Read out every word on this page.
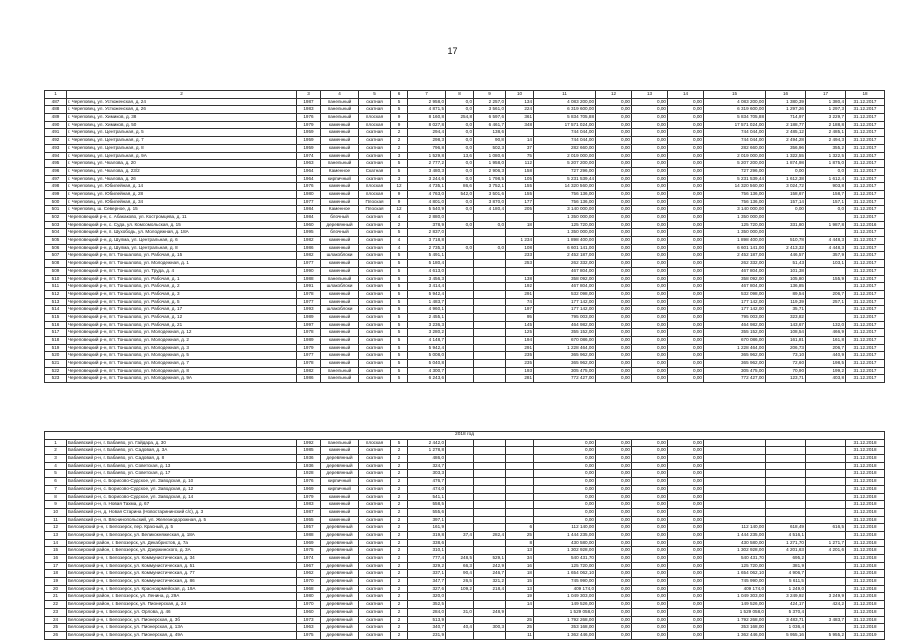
17
1	2	3	4	5	6	7	8	9	10	11	12	13	14	15	16	17	18
487	г. Череповец, ул. Устюженская, д. 24	1987	панельный	скатная	5	2 958,0	0,0	2 257,0	134	4 083 200,00	0,00	0,00	0,00	4 083 200,00	1 380,39	1 380,4	31.12.2017
488	г. Череповец, ул. Устюженская, д. 26	1983	панельный	скатная	5	4 871,5	0,0	3 561,0	224	6 319 600,00	0,00	0,00	0,00	6 319 600,00	1 297,26	1 297,3	31.12.2017
489	г. Череповец, ул. Химиков, д. 38	1976	панельный	плоская	9	8 160,8	254,8	6 597,6	361	5 834 705,88	0,00	0,00	0,00	5 834 705,88	714,97	3 229,7	31.12.2017
490	г. Череповец, ул. Химиков, д. 50	1979	каменный	плоская	9	8 027,8	0,0	6 461,7	348	17 571 024,00	0,00	0,00	0,00	17 571 024,00	2 188,77	2 188,8	31.12.2017
491	г. Череповец, ул. Центральная, д. 5	1959	каменный	скатная	2	294,4	0,0	138,6		744 044,00	0,00	0,00	0,00	744 044,00	2 485,12	2 485,1	31.12.2017
492	г. Череповец, ул. Центральная, д. 7	1959	каменный	скатная	2	298,3	0,0	90,8	14	744 044,00	0,00	0,00	0,00	744 044,00	2 494,28	2 494,3	31.12.2017
493	г. Череповец, ул. Центральная, д. 8	1959	каменный	скатная	2	796,8	0,0	502,3	37	282 660,00	0,00	0,00	0,00	282 660,00	356,96	355,2	31.12.2017
494	г. Череповец, ул. Центральная, д. 9А	1974	каменный	скатная	3	1 529,8	13,6	1 080,6	75	2 019 000,00	0,00	0,00	0,00	2 019 000,00	1 322,55	1 322,5	31.12.2017
495	г. Череповец, ул. Чкалова, д. 20	1963	панельный	скатная	5	2 777,2	0,0	1 958,0	112	5 207 200,00	0,00	0,00	0,00	5 207 200,00	1 874,98	1 875,0	31.12.2017
496	г. Череповец, ул. Чкалова, д. 23/2	1964	Каменное	Скатная	5	3 480,3	0,0	2 906,3	158	727 296,00	0,00	0,00	0,00	727 296,00	0,00	0,0	31.12.2017
497	г. Череповец, ул. Чкалова, д. 26	1964	кирпичный	скатная	3	3 244,6	0,0	1 798,5	105	5 231 539,44	0,00	0,00	0,00	5 231 539,44	1 612,38	1 612,4	31.12.2017
498	г. Череповец, ул. Юбилейная, д. 14	1976	каменный	плоская	12	4 735,1	86,6	3 752,1	155	14 320 560,00	0,00	0,00	0,00	14 320 560,00	3 024,72	903,8	31.12.2017
499	г. Череповец, ул. Юбилейная, д. 28	1980	каменный	плоская	9	4 763,0	542,0	3 501,6	155	756 136,00	0,00	0,00	0,00	756 136,00	158,67	158,7	31.12.2017
500	г. Череповец, ул. Юбилейная, д. 34	1977	каменный	Плоская	9	4 801,0	0,0	3 870,0	177	756 136,00	0,00	0,00	0,00	756 136,00	157,14	157,1	31.12.2017
501	г. Череповец, ш. Северное, д. 15	1984	Каменное	Плоская	12	5 540,9	0,0	4 180,4	205	3 140 000,00	0,00	0,00	0,00	3 140 000,00	0,00	0,0	31.12.2017
502	Череповецкий р-н, с. Абакаково, ул. Костромцева, д. 11	1984	блочный	скатная	4	2 880,0				1 350 000,00	0,00	0,00	0,00	1 350 000,00			31.12.2017
503	Череповецкий р-н, с. Суда, ул. Комсомольская, д. 15	1960	деревянный	скатная	2	378,9	0,0	0,0	18	125 720,00	0,00	0,00	0,00	125 720,00	331,80	1 987,8	31.12.2016
504	Череповецкий р-н, п. Шухободь, ул. Молодежная, д. 18А	1995	блочный	скатная	5	2 837,0				1 350 000,00	0,00	0,00	0,00	1 350 000,00			31.12.2017
505	Череповецкий р-н, д. Шулма, ул. Центральная, д. 6	1982	каменный	скатная	4	3 718,8			1 234	1 898 400,00	0,00	0,00	0,00	1 898 400,00	510,78	4 448,3	31.12.2017
506	Череповецкий р-н, д. Шулма, ул. Центральная, д. 8	1986	каменный	скатная	4	2 735,3	0,0	0,0	108	6 601 141,00	0,00	0,00	0,00	6 601 141,00	2 413,32	4 448,3	31.12.2017
507	Череповецкий р-н, пгт. Тоншалово, ул. Рабочая, д. 15	1982	шлакоблоки	скатная	5	5 491,1			233	2 452 187,00	0,00	0,00	0,00	2 452 187,00	446,57	357,9	31.12.2017
508	Череповецкий р-н, пгт. Тоншалово, ул. Молодежная, д. 1	1977	каменный	скатная	5	5 180,4			253	262 332,00	0,00	0,00	0,00	262 332,00	51,43	103,1	31.12.2017
509	Череповецкий р-н, пгт. Тоншалово, ул. Труда, д. 4	1990	каменный	скатная	5	4 613,0				467 804,00	0,00	0,00	0,00	467 804,00	101,38		31.12.2017
510	Череповецкий р-н, пгт. Тоншалово, ул. Рабочая, д. 1	1988	панельный	скатная	5	3 456,3			138	358 092,00	0,00	0,00	0,00	358 092,00	105,80	155,9	31.12.2017
511	Череповецкий р-н, пгт. Тоншалово, ул. Рабочая, д. 2	1991	шлакоблоки	скатная	5	3 414,4			192	467 804,00	0,00	0,00	0,00	467 804,00	136,85		31.12.2017
512	Череповецкий р-н, пгт. Тоншалово, ул. Рабочая, д. 3	1978	каменный	скатная	5	5 942,4			291	532 098,00	0,00	0,00	0,00	532 098,00	89,54	206,7	31.12.2017
513	Череповецкий р-н, пгт. Тоншалово, ул. Рабочая, д. 5	1977	каменный	скатная	5	1 483,7			74	177 142,00	0,00	0,00	0,00	177 142,00	119,39	257,1	31.12.2017
514	Череповецкий р-н, пгт. Тоншалово, ул. Рабочая, д. 17	1993	шлакоблоки	скатная	5	4 960,1			197	177 142,00	0,00	0,00	0,00	177 142,00	35,71		31.12.2017
515	Череповецкий р-н, пгт. Тоншалово, ул. Рабочая, д. 12	1989	каменный	скатная	5	2 455,1			95	795 003,00	0,00	0,00	0,00	795 003,00	323,82		31.12.2017
516	Череповецкий р-н, пгт. Тоншалово, ул. Рабочая, д. 21	1997	каменный	скатная	5	3 236,3			145	464 982,00	0,00	0,00	0,00	464 982,00	143,67	132,0	31.12.2017
517	Череповецкий р-н, пгт. Тоншалово, ул. Молодежная, д. 12	1978	каменный	скатная	5	3 280,2			125	355 152,00	0,00	0,00	0,00	355 152,00	108,54	466,9	31.12.2017
518	Череповецкий р-н, пгт. Тоншалово, ул. Молодежная, д. 2	1989	каменный	скатная	5	4 148,7			194	670 086,00	0,00	0,00	0,00	670 086,00	161,81	161,8	31.12.2017
519	Череповецкий р-н, пгт. Тоншалово, ул. Молодежная, д. 3	1979	каменный	скатная	5	5 942,4			291	1 228 464,00	0,00	0,00	0,00	1 228 464,00	206,73	206,7	31.12.2017
520	Череповецкий р-н, пгт. Тоншалово, ул. Молодежная, д. 5	1977	каменный	скатная	5	5 008,0			235	365 962,00	0,00	0,00	0,00	365 962,00	73,10	440,9	31.12.2017
521	Череповецкий р-н, пгт. Тоншалово, ул. Молодежная, д. 7	1978	каменный	скатная	5	5 040,8			235	365 962,00	0,00	0,00	0,00	365 962,00	72,60	198,5	31.12.2017
522	Череповецкий р-н, пгт. Тоншалово, ул. Молодежная, д. 8	1982	панельный	скатная	5	4 300,7			193	305 475,00	0,00	0,00	0,00	305 475,00	70,90	199,2	31.12.2017
523	Череповецкий р-н, пгт. Тоншалово, ул. Молодежная, д. 9А	1986	панельный	скатная	5	6 243,6			281	772 427,00	0,00	0,00	0,00	772 427,00	123,71	403,8	31.12.2017
2018 год																	
1	Бабаевский р-н, г. Бабаево, ул. Гайдара, д. 30	1992	панельный	плоская	5	2 442,0				0,00	0,00	0,00	0,00				31.12.2018
2	Бабаевский р-н, г. Бабаево, ул. Садовая, д. 3А	1985	каменный	скатная	2	1 278,8				0,00	0,00	0,00	0,00				31.12.2018
3	Бабаевский р-н, г. Бабаево, ул. Садовая, д. 8	1936	деревянный	скатная	2	486,0				0,00	0,00	0,00	0,00				31.12.2018
4	Бабаевский р-н, г. Бабаево, ул. Советская, д. 13	1936	деревянный	скатная	2	324,7				0,00	0,00	0,00	0,00				31.12.2018
5	Бабаевский р-н, г. Бабаево, ул. Советская, д. 17	1928	деревянный	скатная	2	303,3				0,00	0,00	0,00	0,00				31.12.2018
6	Бабаевский р-н, с. Борисово-Судское, ул. Заводская, д. 10	1976	кирпичный	скатная	2	476,7				0,00	0,00	0,00	0,00				31.12.2018
7	Бабаевский р-н, с. Борисово-Судское, ул. Заводская, д. 12	1969	кирпичный	скатная	2	474,0				0,00	0,00	0,00	0,00				31.12.2018
8	Бабаевский р-н, с. Борисово-Судское, ул. Заводская, д. 14	1979	каменный	скатная	2	541,1				0,00	0,00	0,00	0,00				31.12.2018
9	Бабаевский р-н, п. Новая Тахма, д. 67	1983	каменный	скатная	2	558,5				0,00	0,00	0,00	0,00				31.12.2018
10	Бабаевский р-н, д. Новая Старина (Новостарининский с/с), д. 3	1987	каменный	скатная	2	555,6				0,00	0,00	0,00	0,00				31.12.2018
11	Бабаевский р-н, п. Вяснинопольский, ул. Железнодорожная, д. 5	1955	каменный	скатная	2	397,1				0,00	0,00	0,00	0,00				31.12.2018
12	Белозерский р-н, г. Белозерск, пер. Красный, д. 5	1957	деревянный	скатная	2	161,9			6	112 140,00	0,00	0,00	0,00	112 140,00	618,49	616,5	31.12.2018
13	Белозерский р-н, г. Белозерск, ул. Великокняжеская, д. 18А	1988	деревянный	скатная	2	319,8	37,4	282,4	25	1 444 235,00	0,00	0,00	0,00	1 444 235,00	4 516,1		31.12.2018
14	Белозерский район, г. Белозерск, ул. Декабристов, д. 7а	1969	деревянный	скатная	2	338,6			8	430 580,00	0,00	0,00	0,00	430 580,00	1 271,70	1 271,7	31.12.2018
15	Белозерский район, г. Белозерск, ул. Дзержинского, д. 3А	1975	деревянный	скатная	2	310,1			13	1 302 928,00	0,00	0,00	0,00	1 302 928,00	4 201,63	4 201,6	31.12.2018
16	Белозерский р-н, г. Белозерск, ул. Коммунистическая, д. 34	1974	каменный	скатная	2	777,4	248,5	529,1	34	540 431,70	0,00	0,00	0,00	540 431,70	695,2		31.12.2018
17	Белозерский р-н, г. Белозерск, ул. Коммунистическая, д. 51	1967	деревянный	скатная	2	329,2	66,3	242,9	16	125 720,00	0,00	0,00	0,00	125 720,00	381,9		31.12.2018
18	Белозерский р-н, г. Белозерск, ул. Коммунистическая, д. 77	1962	деревянный	скатная	2	337,1	90,4	246,7	18	1 654 062,10	0,00	0,00	0,00	1 654 062,10	4 906,7		31.12.2018
19	Белозерский р-н, г. Белозерск, ул. Коммунистическая, д. 86	1970	деревянный	скатная	2	347,7	26,5	321,2	15	745 990,00	0,00	0,00	0,00	745 990,00	5 611,5		31.12.2018
20	Белозерский р-н, г. Белозерск, ул. Красноармейская, д. 19А	1968	деревянный	скатная	2	327,6	109,2	218,4	13	409 174,0	0,00	0,00	0,00	409 174,0	1 249,0		31.12.2018
21	Белозерский район, г. Белозерск, ул. Ленина, д. 29А	1980	деревянный	скатная	2	320,0			19	1 049 303,00	0,00	0,00	0,00	1 049 303,00	3 249,92	3 249,9	31.12.2018
22	Белозерский район, г. Белозерск, ул. Пионерская, д. 24	1970	деревянный	скатная	2	352,5			14	149 526,00	0,00	0,00	0,00	149 526,00	424,17	424,2	31.12.2018
23	Белозерский р-н, г. Белозерск, ул. Орлова, д. 46	1960	деревянный	скатная	2	284,0	31,0	248,9		1 529 058,0	0,00	0,00	0,00	1 529 058,0	5 370,4		31.12.2018
24	Белозерский р-н, г. Белозерск, ул. Пионерская, д. 3б	1973	деревянный	скатная	2	513,9			25	1 792 268,00	0,00	0,00	0,00	1 792 268,00	3 483,71	3 483,7	31.12.2018
25	Белозерский р-н, г. Белозерск, ул. Пионерская, д. 13А	1963	деревянный	скатная	2	340,7	40,4	300,3	25	353 168,00	0,00	0,00	0,00	353 168,00	1 036,4		31.12.2018
26	Белозерский р-н, г. Белозерск, ул. Пионерская, д. 49А	1975	деревянный	скатная	2	231,9			11	1 362 446,00	0,00	0,00	0,00	1 362 446,00	5 955,16	5 955,2	31.12.2019
